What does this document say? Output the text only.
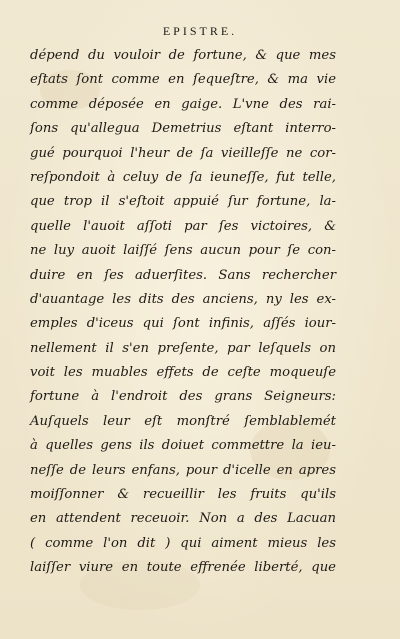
EPISTRE.
dépend du vouloir de fortune, & que mes
eſtats ſont comme en ſequeſtre, & ma vie
comme déposée en gaige. L'vne des rai-
ſons qu'allegua Demetrius eſtant interro-
gué pourquoi l'heur de ſa vieilleſſe ne cor-
reſpondoit à celuy de ſa ieuneſſe, fut telle,
que trop il s'eſtoit appuié ſur fortune, la-
quelle l'auoit aſſoti par ſes victoires, &
ne luy auoit laiſſé ſens aucun pour ſe con-
duire en ſes aduerſites. Sans rechercher
d'auantage les dits des anciens, ny les ex-
emples d'iceus qui ſont infinis, aſſés iour-
nellement il s'en preſente, par leſquels on
voit les muables effets de ceſte moqueuſe
fortune à l'endroit des grans Seigneurs:
Auſquels leur eſt monſtré ſemblablemét
à quelles gens ils doiuet commettre la ieu-
neſſe de leurs enfans, pour d'icelle en apres
moiſſonner & recueillir les fruits qu'ils
en attendent receuoir. Non a des Lacuan
( comme l'on dit ) qui aiment mieus les
laiſſer viure en toute effrenée liberté, que
